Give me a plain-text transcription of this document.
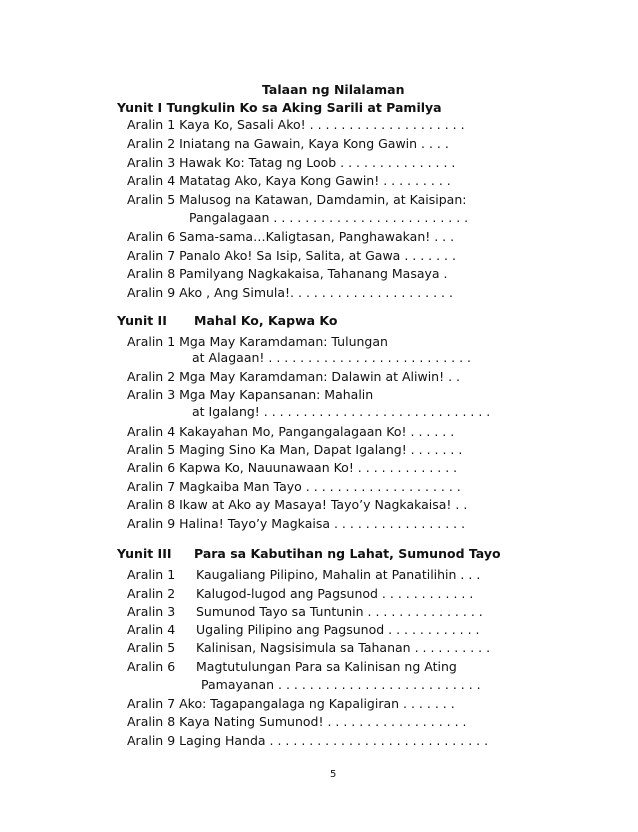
Talaan ng Nilalaman
Yunit I Tungkulin Ko sa Aking Sarili at Pamilya
Aralin 1 Kaya Ko, Sasali Ako! . . . . . . . . . . . . . . . . . . . .
Aralin 2 Iniatang na Gawain, Kaya Kong Gawin . . . .
Aralin 3 Hawak Ko: Tatag ng Loob . . . . . . . . . . . . . . .
Aralin 4 Matatag Ako, Kaya Kong Gawin! . . . . . . . . .
Aralin 5 Malusog na Katawan, Damdamin, at Kaisipan:
Pangalagaan . . . . . . . . . . . . . . . . . . . . . . . . .
Aralin 6 Sama-sama…Kaligtasan, Panghawakan! . . .
Aralin 7 Panalo Ako! Sa Isip, Salita, at Gawa . . . . . . .
Aralin 8 Pamilyang Nagkakaisa, Tahanang Masaya .
Aralin 9 Ako , Ang Simula!. . . . . . . . . . . . . . . . . . . . .
Yunit II Mahal Ko, Kapwa Ko
Aralin 1 Mga May Karamdaman: Tulungan
at Alagaan! . . . . . . . . . . . . . . . . . . . . . . . . . .
Aralin 2 Mga May Karamdaman: Dalawin at Aliwin! . .
Aralin 3 Mga May Kapansanan: Mahalin
at Igalang! . . . . . . . . . . . . . . . . . . . . . . . . . . . . .
Aralin 4 Kakayahan Mo, Pangangalagaan Ko! . . . . . .
Aralin 5 Maging Sino Ka Man, Dapat Igalang! . . . . . . .
Aralin 6 Kapwa Ko, Nauunawaan Ko! . . . . . . . . . . . . .
Aralin 7 Magkaiba Man Tayo . . . . . . . . . . . . . . . . . . . .
Aralin 8 Ikaw at Ako ay Masaya! Tayo’y Nagkakaisa! . .
Aralin 9 Halina! Tayo’y Magkaisa . . . . . . . . . . . . . . . . .
Yunit III Para sa Kabutihan ng Lahat, Sumunod Tayo
Aralin 1 Kaugaliang Pilipino, Mahalin at Panatilihin . . .
Aralin 2 Kalugod-lugod ang Pagsunod . . . . . . . . . . . .
Aralin 3 Sumunod Tayo sa Tuntunin . . . . . . . . . . . . . . .
Aralin 4 Ugaling Pilipino ang Pagsunod . . . . . . . . . . . .
Aralin 5 Kalinisan, Nagsisimula sa Tahanan . . . . . . . . . .
Aralin 6 Magtutulungan Para sa Kalinisan ng Ating
Pamayanan . . . . . . . . . . . . . . . . . . . . . . . . . .
Aralin 7 Ako: Tagapangalaga ng Kapaligiran . . . . . . .
Aralin 8 Kaya Nating Sumunod! . . . . . . . . . . . . . . . . . .
Aralin 9 Laging Handa . . . . . . . . . . . . . . . . . . . . . . . . . . . .
5
